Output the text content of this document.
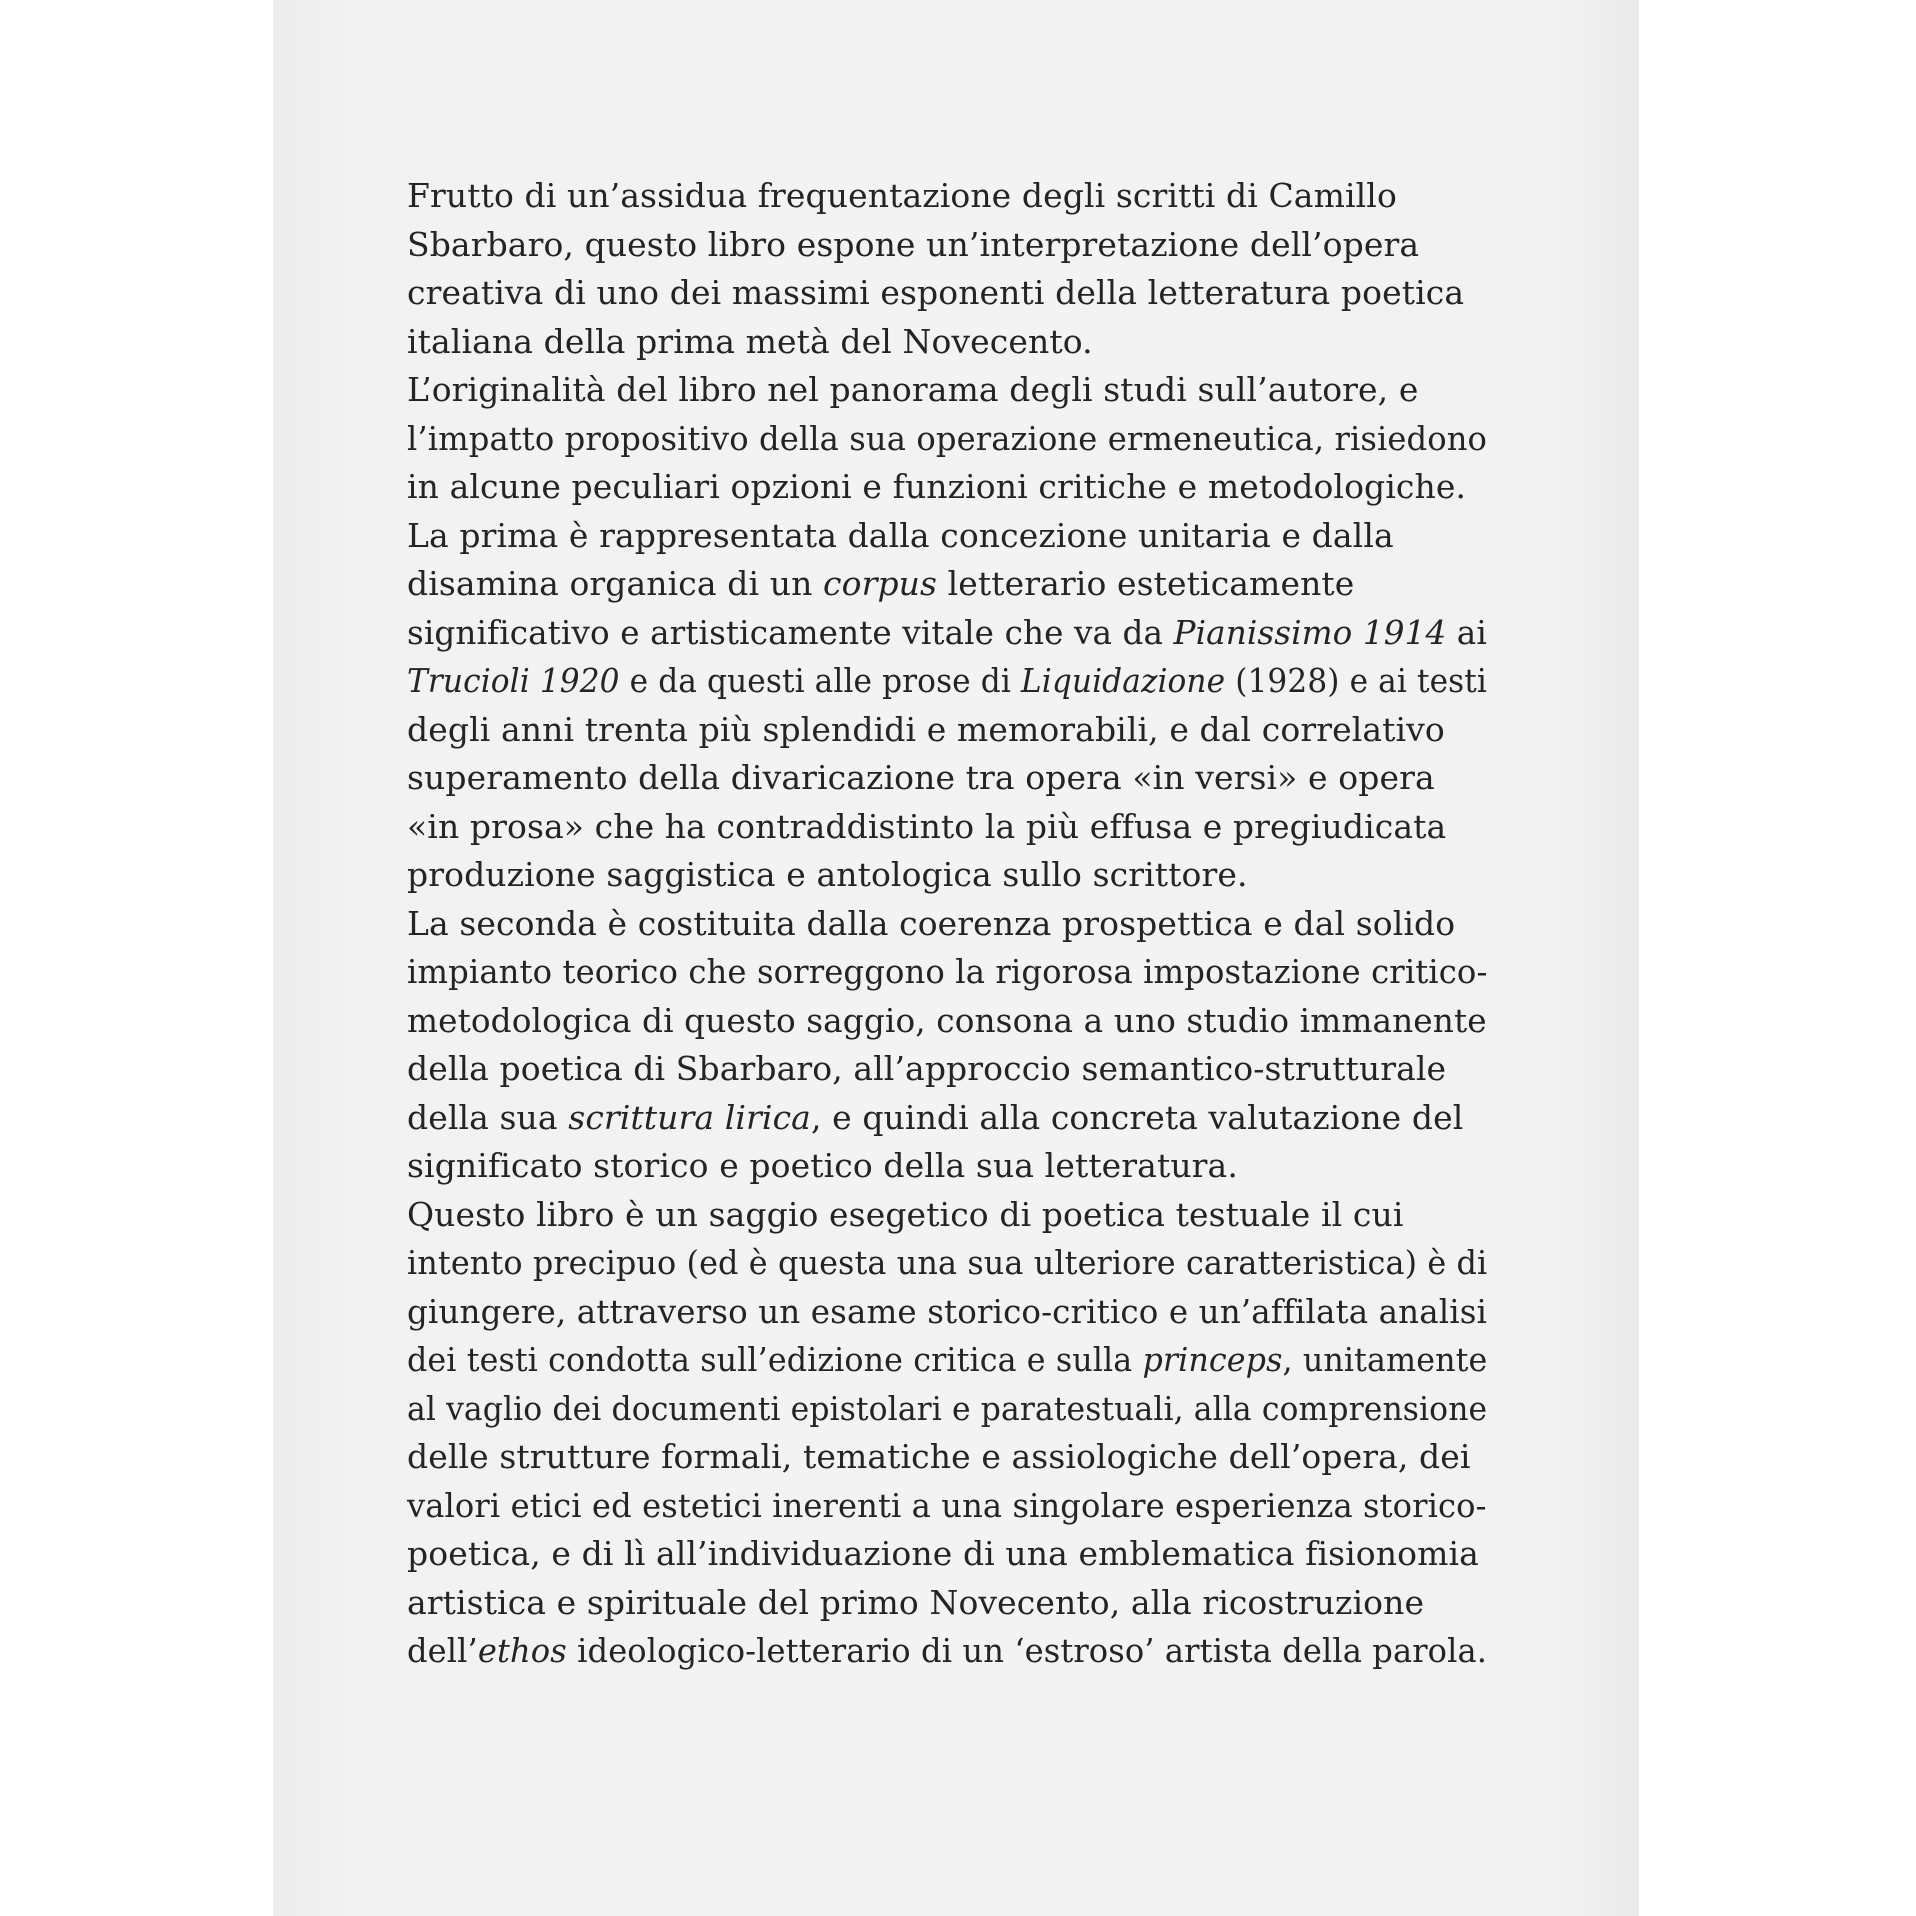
Frutto di un’assidua frequentazione degli scritti di Camillo
Sbarbaro, questo libro espone un’interpretazione dell’opera
creativa di uno dei massimi esponenti della letteratura poetica
italiana della prima metà del Novecento.
L’originalità del libro nel panorama degli studi sull’autore, e
l’impatto propositivo della sua operazione ermeneutica, risiedono
in alcune peculiari opzioni e funzioni critiche e metodologiche.
La prima è rappresentata dalla concezione unitaria e dalla
disamina organica di un corpus letterario esteticamente
significativo e artisticamente vitale che va da Pianissimo 1914 ai
Trucioli 1920 e da questi alle prose di Liquidazione (1928) e ai testi
degli anni trenta più splendidi e memorabili, e dal correlativo
superamento della divaricazione tra opera «in versi» e opera
«in prosa» che ha contraddistinto la più effusa e pregiudicata
produzione saggistica e antologica sullo scrittore.
La seconda è costituita dalla coerenza prospettica e dal solido
impianto teorico che sorreggono la rigorosa impostazione critico-
metodologica di questo saggio, consona a uno studio immanente
della poetica di Sbarbaro, all’approccio semantico-strutturale
della sua scrittura lirica, e quindi alla concreta valutazione del
significato storico e poetico della sua letteratura.
Questo libro è un saggio esegetico di poetica testuale il cui
intento precipuo (ed è questa una sua ulteriore caratteristica) è di
giungere, attraverso un esame storico-critico e un’affilata analisi
dei testi condotta sull’edizione critica e sulla princeps, unitamente
al vaglio dei documenti epistolari e paratestuali, alla comprensione
delle strutture formali, tematiche e assiologiche dell’opera, dei
valori etici ed estetici inerenti a una singolare esperienza storico-
poetica, e di lì all’individuazione di una emblematica fisionomia
artistica e spirituale del primo Novecento, alla ricostruzione
dell’ethos ideologico-letterario di un ‘estroso’ artista della parola.
